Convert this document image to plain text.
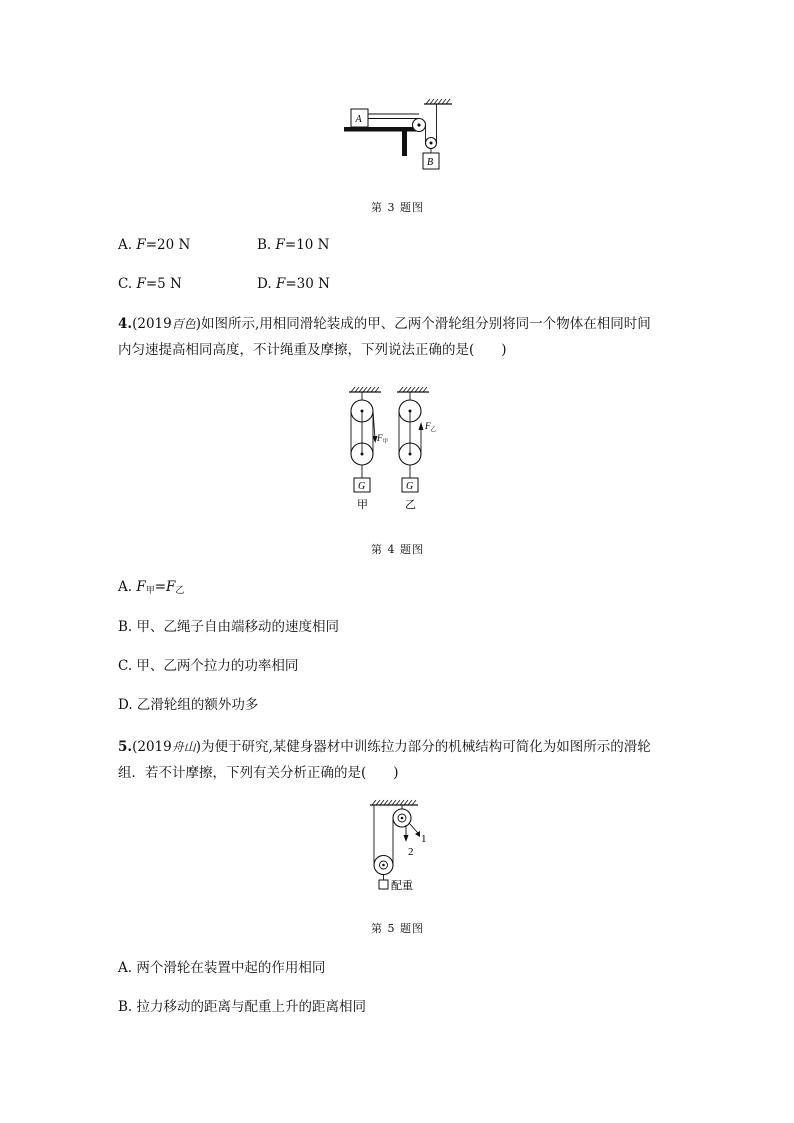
A
B
第 3 题图
A. F=20 N	B. F=10 N
C. F=5 N	D. F=30 N
4.(2019百色)如图所示,用相同滑轮装成的甲、乙两个滑轮组分别将同一个物体在相同时间
内匀速提高相同高度，不计绳重及摩擦，下列说法正确的是(　　)
$F_甲$
G
甲
$F_乙$
G
乙
第 4 题图
A. $F_甲=F_乙$
B. 甲、乙绳子自由端移动的速度相同
C. 甲、乙两个拉力的功率相同
D. 乙滑轮组的额外功多
5.(2019舟山)为便于研究,某健身器材中训练拉力部分的机械结构可简化为如图所示的滑轮
组．若不计摩擦，下列有关分析正确的是(　　)
1
2
配重
第 5 题图
A. 两个滑轮在装置中起的作用相同
B. 拉力移动的距离与配重上升的距离相同
